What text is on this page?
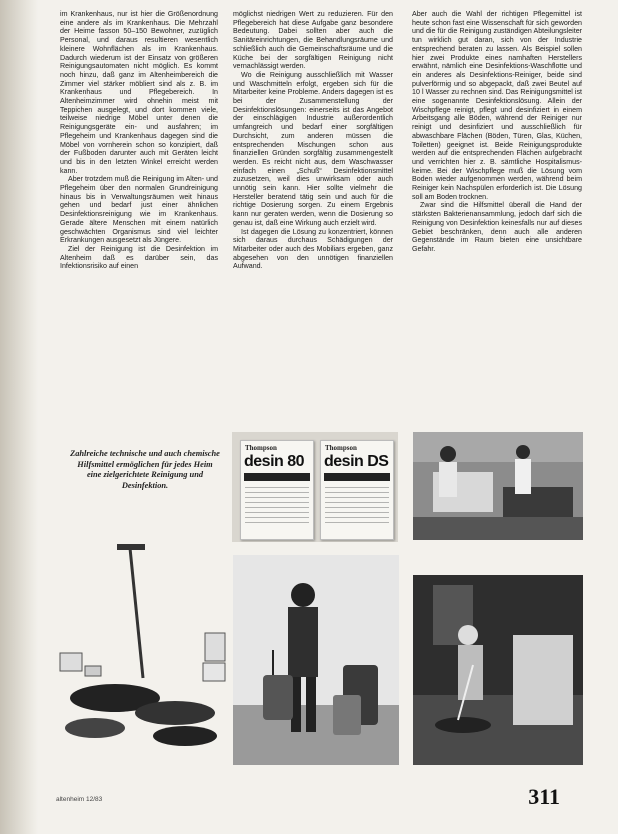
im Krankenhaus, nur ist hier die Größenordnung eine andere als im Krankenhaus. Die Mehrzahl der Heime fasson 50–150 Bewohner, zuzüglich Personal, und daraus resultieren wesentlich kleinere Wohnflächen als im Krankenhaus. Dadurch wiederum ist der Einsatz von größeren Reinigungsautomaten nicht möglich. Es kommt noch hinzu, daß ganz im Altenheimbereich die Zimmer viel stärker möbliert sind als z. B. im Krankenhaus und Pflegebereich. In Altenheimzimmer wird ohnehin meist mit Teppichen ausgelegt, und dort kommen viele, teilweise niedrige Möbel unter denen die Reinigungsgeräte ein- und ausfahren; im Pflegeheim und Krankenhaus dagegen sind die Möbel von vornherein schon so konzipiert, daß der Fußboden darunter auch mit Geräten leicht und bis in den letzten Winkel erreicht werden kann.

Aber trotzdem muß die Reinigung im Alten- und Pflegeheim über den normalen Grundreinigung hinaus bis in Verwaltungsräumen weit hinaus gehen und bedarf just einer ähnlichen Desinfektionsreinigung wie im Krankenhaus. Gerade ältere Menschen mit einem natürlich geschwächten Organismus sind viel leichter Erkrankungen ausgesetzt als Jüngere.

Ziel der Reinigung ist die Desinfektion im Altenheim daß es darüber sein, das Infektionsrisiko auf einen

möglichst niedrigen Wert zu reduzieren. Für den Pflegebereich hat diese Aufgabe ganz besondere Bedeutung. Dabei sollten aber auch die Sanitäreinrichtungen, die Behandlungsräume und schließlich auch die Gemeinschaftsräume und die Küche bei der sorgfältigen Reinigung nicht vernachlässigt werden.

Wo die Reinigung ausschließlich mit Wasser und Waschmitteln erfolgt, ergeben sich für die Mitarbeiter keine Probleme. Anders dagegen ist es bei der Zusammenstellung der Desinfektionslösungen: einerseits ist das Angebot der einschlägigen Industrie außerordentlich umfangreich und bedarf einer sorgfältigen Durchsicht, zum anderen müssen die entsprechenden Mischungen schon aus finanziellen Gründen sorgfältig zusammengestellt werden. Es reicht nicht aus, dem Waschwasser einfach einen „Schuß“ Desinfektionsmittel zuzusetzen, weil dies unwirksam oder auch unnötig sein kann. Hier sollte vielmehr die Hersteller beratend tätig sein und auch für die richtige Dosierung sorgen. Zu einem Ergebnis kann nur geraten werden, wenn die Dosierung so genau ist, daß eine Wirkung auch erzielt wird.

Ist dagegen die Lösung zu konzentriert, können sich daraus durchaus Schädigungen der Mitarbeiter oder auch des Mobiliars ergeben, ganz abgesehen von den unnötigen finanziellen Aufwand.

Aber auch die Wahl der richtigen Pflegemittel ist heute schon fast eine Wissenschaft für sich geworden und die für die Reinigung zuständigen Abteilungsleiter tun wirklich gut daran, sich von der Industrie entsprechend beraten zu lassen. Als Beispiel sollen hier zwei Produkte eines namhaften Herstellers erwähnt, nämlich eine Desinfektions-Waschflotte und ein anderes als Desinfektions-Reiniger, beide sind pulverförmig und so abgepackt, daß zwei Beutel auf 10 l Wasser zu rechnen sind. Das Reinigungsmittel ist eine sogenannte Desinfektionslösung. Allein der Wischpflege reinigt, pflegt und desinfiziert in einem Arbeitsgang alle Böden, während der Reiniger nur reinigt und desinfiziert und ausschließlich für abwaschbare Flächen (Böden, Türen, Glas, Küchen, Toiletten) geeignet ist. Beide Reinigungsprodukte werden auf die entsprechenden Flächen aufgebracht und verrichten hier z. B. sämtliche Hospitalismus-keime. Bei der Wischpflege muß die Lösung vom Boden wieder aufgenommen werden, während beim Reiniger kein Nachspülen erforderlich ist. Die Lösung soll am Boden trocknen.

Zwar sind die Hilfsmittel überall die Hand der stärksten Bakterienansammlung, jedoch darf sich die Reinigung von Desinfektion keinesfalls nur auf dieses Gebiet beschränken, denn auch alle anderen Gegenstände im Raum bieten eine unsichtbare Gefahr.

Zahlreiche technische und auch chemische Hilfsmittel ermöglichen für jedes Heim eine zielgerichtete Reinigung und Desinfektion.
Thompson
desin 80
Thompson
desin DS
altenheim 12/83	311
